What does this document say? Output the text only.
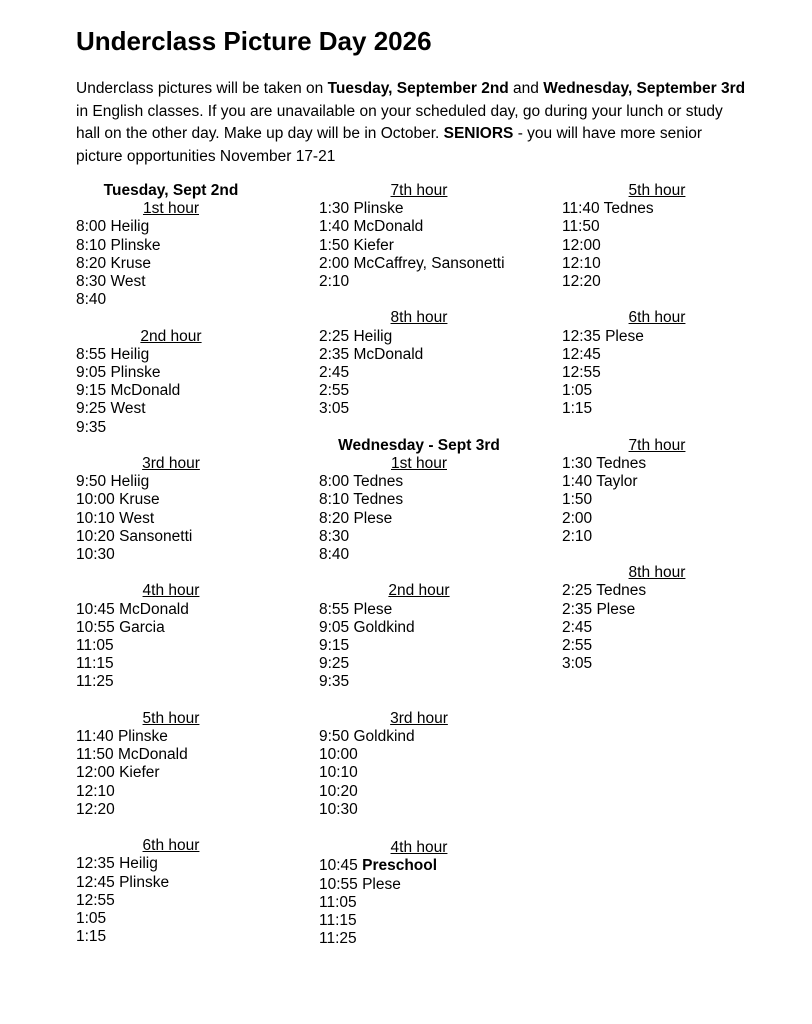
Underclass Picture Day 2026
Underclass pictures will be taken on Tuesday, September 2nd and Wednesday, September 3rd in English classes. If you are unavailable on your scheduled day, go during your lunch or study hall on the other day. Make up day will be in October. SENIORS - you will have more senior picture opportunities November 17-21
Tuesday, Sept 2nd
1st hour
8:00 Heilig
8:10 Plinske
8:20 Kruse
8:30 West
8:40
2nd hour
8:55 Heilig
9:05 Plinske
9:15 McDonald
9:25 West
9:35
3rd hour
9:50 Heliig
10:00 Kruse
10:10 West
10:20 Sansonetti
10:30
4th hour
10:45 McDonald
10:55 Garcia
11:05
11:15
11:25
5th hour
11:40 Plinske
11:50 McDonald
12:00 Kiefer
12:10
12:20
6th hour
12:35 Heilig
12:45 Plinske
12:55
1:05
1:15
7th hour
1:30 Plinske
1:40 McDonald
1:50 Kiefer
2:00 McCaffrey, Sansonetti
2:10
8th hour
2:25 Heilig
2:35 McDonald
2:45
2:55
3:05
Wednesday - Sept 3rd
1st hour
8:00 Tednes
8:10 Tednes
8:20 Plese
8:30
8:40
2nd hour
8:55 Plese
9:05 Goldkind
9:15
9:25
9:35
3rd hour
9:50 Goldkind
10:00
10:10
10:20
10:30
4th hour
10:45 Preschool
10:55 Plese
11:05
11:15
11:25
5th hour
11:40 Tednes
11:50
12:00
12:10
12:20
6th hour
12:35 Plese
12:45
12:55
1:05
1:15
7th hour
1:30 Tednes
1:40 Taylor
1:50
2:00
2:10
8th hour
2:25 Tednes
2:35 Plese
2:45
2:55
3:05
